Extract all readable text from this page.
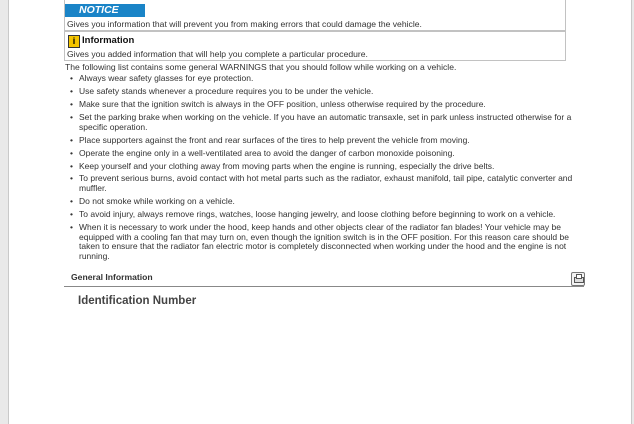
NOTICE
Gives you information that will prevent you from making errors that could damage the vehicle.
i Information
Gives you added information that will help you complete a particular procedure.
The following list contains some general WARNINGS that you should follow while working on a vehicle.
• Always wear safety glasses for eye protection.
• Use safety stands whenever a procedure requires you to be under the vehicle.
• Make sure that the ignition switch is always in the OFF position, unless otherwise required by the procedure.
• Set the parking brake when working on the vehicle. If you have an automatic transaxle, set in park unless instructed otherwise for a specific operation.
• Place supporters against the front and rear surfaces of the tires to help prevent the vehicle from moving.
• Operate the engine only in a well-ventilated area to avoid the danger of carbon monoxide poisoning.
• Keep yourself and your clothing away from moving parts when the engine is running, especially the drive belts.
• To prevent serious burns, avoid contact with hot metal parts such as the radiator, exhaust manifold, tail pipe, catalytic converter and muffler.
• Do not smoke while working on a vehicle.
• To avoid injury, always remove rings, watches, loose hanging jewelry, and loose clothing before beginning to work on a vehicle.
• When it is necessary to work under the hood, keep hands and other objects clear of the radiator fan blades! Your vehicle may be equipped with a cooling fan that may turn on, even though the ignition switch is in the OFF position. For this reason care should be taken to ensure that the radiator fan electric motor is completely disconnected when working under the hood and the engine is not running.
General Information
Identification Number
